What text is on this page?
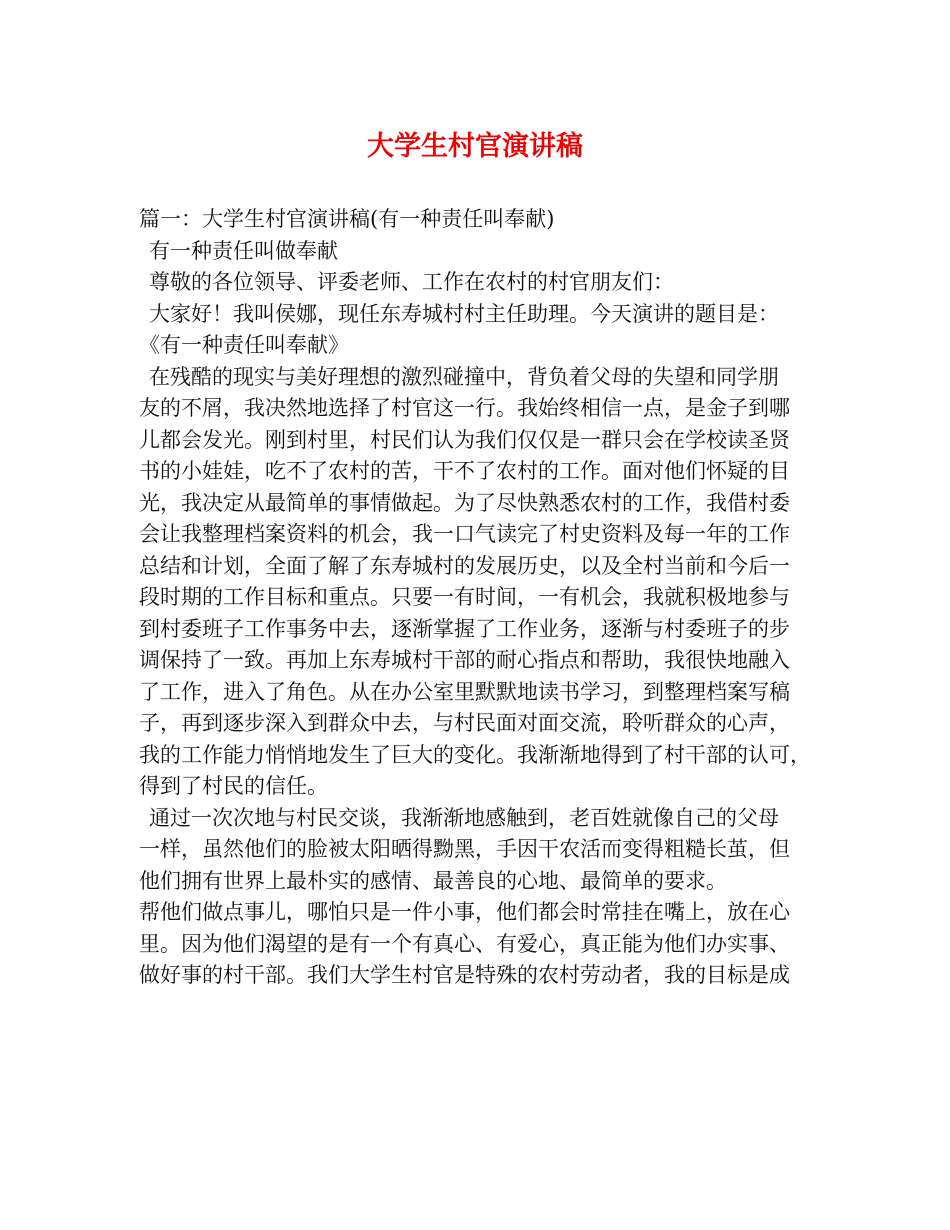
大学生村官演讲稿
篇一：大学生村官演讲稿(有一种责任叫奉献)
有一种责任叫做奉献
尊敬的各位领导、评委老师、工作在农村的村官朋友们：
大家好！我叫侯娜，现任东寿城村村主任助理。今天演讲的题目是：
《有一种责任叫奉献》
在残酷的现实与美好理想的激烈碰撞中，背负着父母的失望和同学朋
友的不屑，我决然地选择了村官这一行。我始终相信一点，是金子到哪
儿都会发光。刚到村里，村民们认为我们仅仅是一群只会在学校读圣贤
书的小娃娃，吃不了农村的苦，干不了农村的工作。面对他们怀疑的目
光，我决定从最简单的事情做起。为了尽快熟悉农村的工作，我借村委
会让我整理档案资料的机会，我一口气读完了村史资料及每一年的工作
总结和计划，全面了解了东寿城村的发展历史，以及全村当前和今后一
段时期的工作目标和重点。只要一有时间，一有机会，我就积极地参与
到村委班子工作事务中去，逐渐掌握了工作业务，逐渐与村委班子的步
调保持了一致。再加上东寿城村干部的耐心指点和帮助，我很快地融入
了工作，进入了角色。从在办公室里默默地读书学习，到整理档案写稿
子，再到逐步深入到群众中去，与村民面对面交流，聆听群众的心声，
我的工作能力悄悄地发生了巨大的变化。我渐渐地得到了村干部的认可，
得到了村民的信任。
通过一次次地与村民交谈，我渐渐地感触到，老百姓就像自己的父母
一样，虽然他们的脸被太阳晒得黝黑，手因干农活而变得粗糙长茧，但
他们拥有世界上最朴实的感情、最善良的心地、最简单的要求。
帮他们做点事儿，哪怕只是一件小事，他们都会时常挂在嘴上，放在心
里。因为他们渴望的是有一个有真心、有爱心，真正能为他们办实事、
做好事的村干部。我们大学生村官是特殊的农村劳动者，我的目标是成
